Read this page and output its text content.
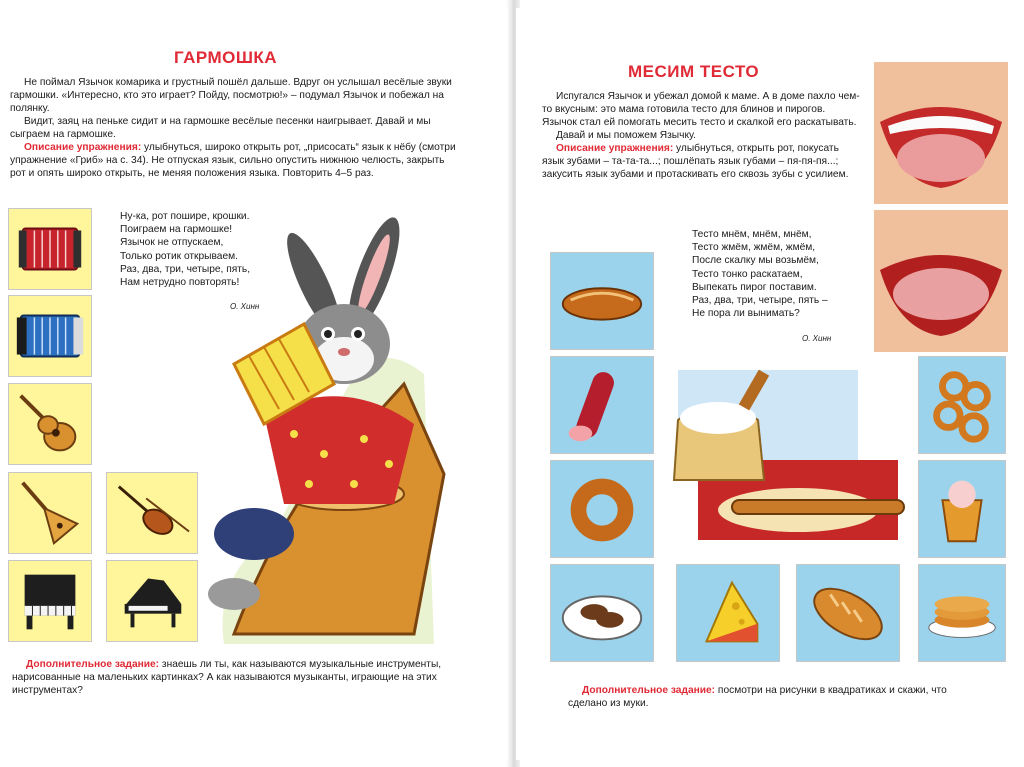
ГАРМОШКА

Не поймал Язычок комарика и грустный пошёл дальше. Вдруг он услышал весёлые звуки гармошки. «Интересно, кто это играет? Пойду, посмотрю!» – подумал Язычок и побежал на полянку.

Видит, заяц на пеньке сидит и на гармошке весёлые песенки наигрывает. Давай и мы сыграем на гармошке.

Описание упражнения: улыбнуться, широко открыть рот, „присосать“ язык к нёбу (смотри упражнение «Гриб» на с. 34). Не отпуская язык, сильно опустить нижнюю челюсть, закрыть рот и опять широко открыть, не меняя положения языка. Повторить 4–5 раз.

Ну-ка, рот пошире, крошки.
Поиграем на гармошке!
Язычок не отпускаем,
Только ротик открываем.
Раз, два, три, четыре, пять,
Нам нетрудно повторять!
О. Хинн

Дополнительное задание: знаешь ли ты, как называются музыкальные инструменты, нарисованные на маленьких картинках? А как называются музыканты, играющие на этих инструментах?

МЕСИМ ТЕСТО

Испугался Язычок и убежал домой к маме. А в доме пахло чем-то вкусным: это мама готовила тесто для блинов и пирогов. Язычок стал ей помогать месить тесто и скалкой его раскатывать.

Давай и мы поможем Язычку.

Описание упражнения: улыбнуться, открыть рот, покусать язык зубами – та-та-та...; пошлёпать язык губами – пя-пя-пя...; закусить язык зубами и протаскивать его сквозь зубы с усилием.

Тесто мнём, мнём, мнём,
Тесто жмём, жмём, жмём,
После скалку мы возьмём,
Тесто тонко раскатаем,
Выпекать пирог поставим.
Раз, два, три, четыре, пять –
Не пора ли вынимать?
О. Хинн

Дополнительное задание: посмотри на рисунки в квадратиках и скажи, что сделано из муки.
